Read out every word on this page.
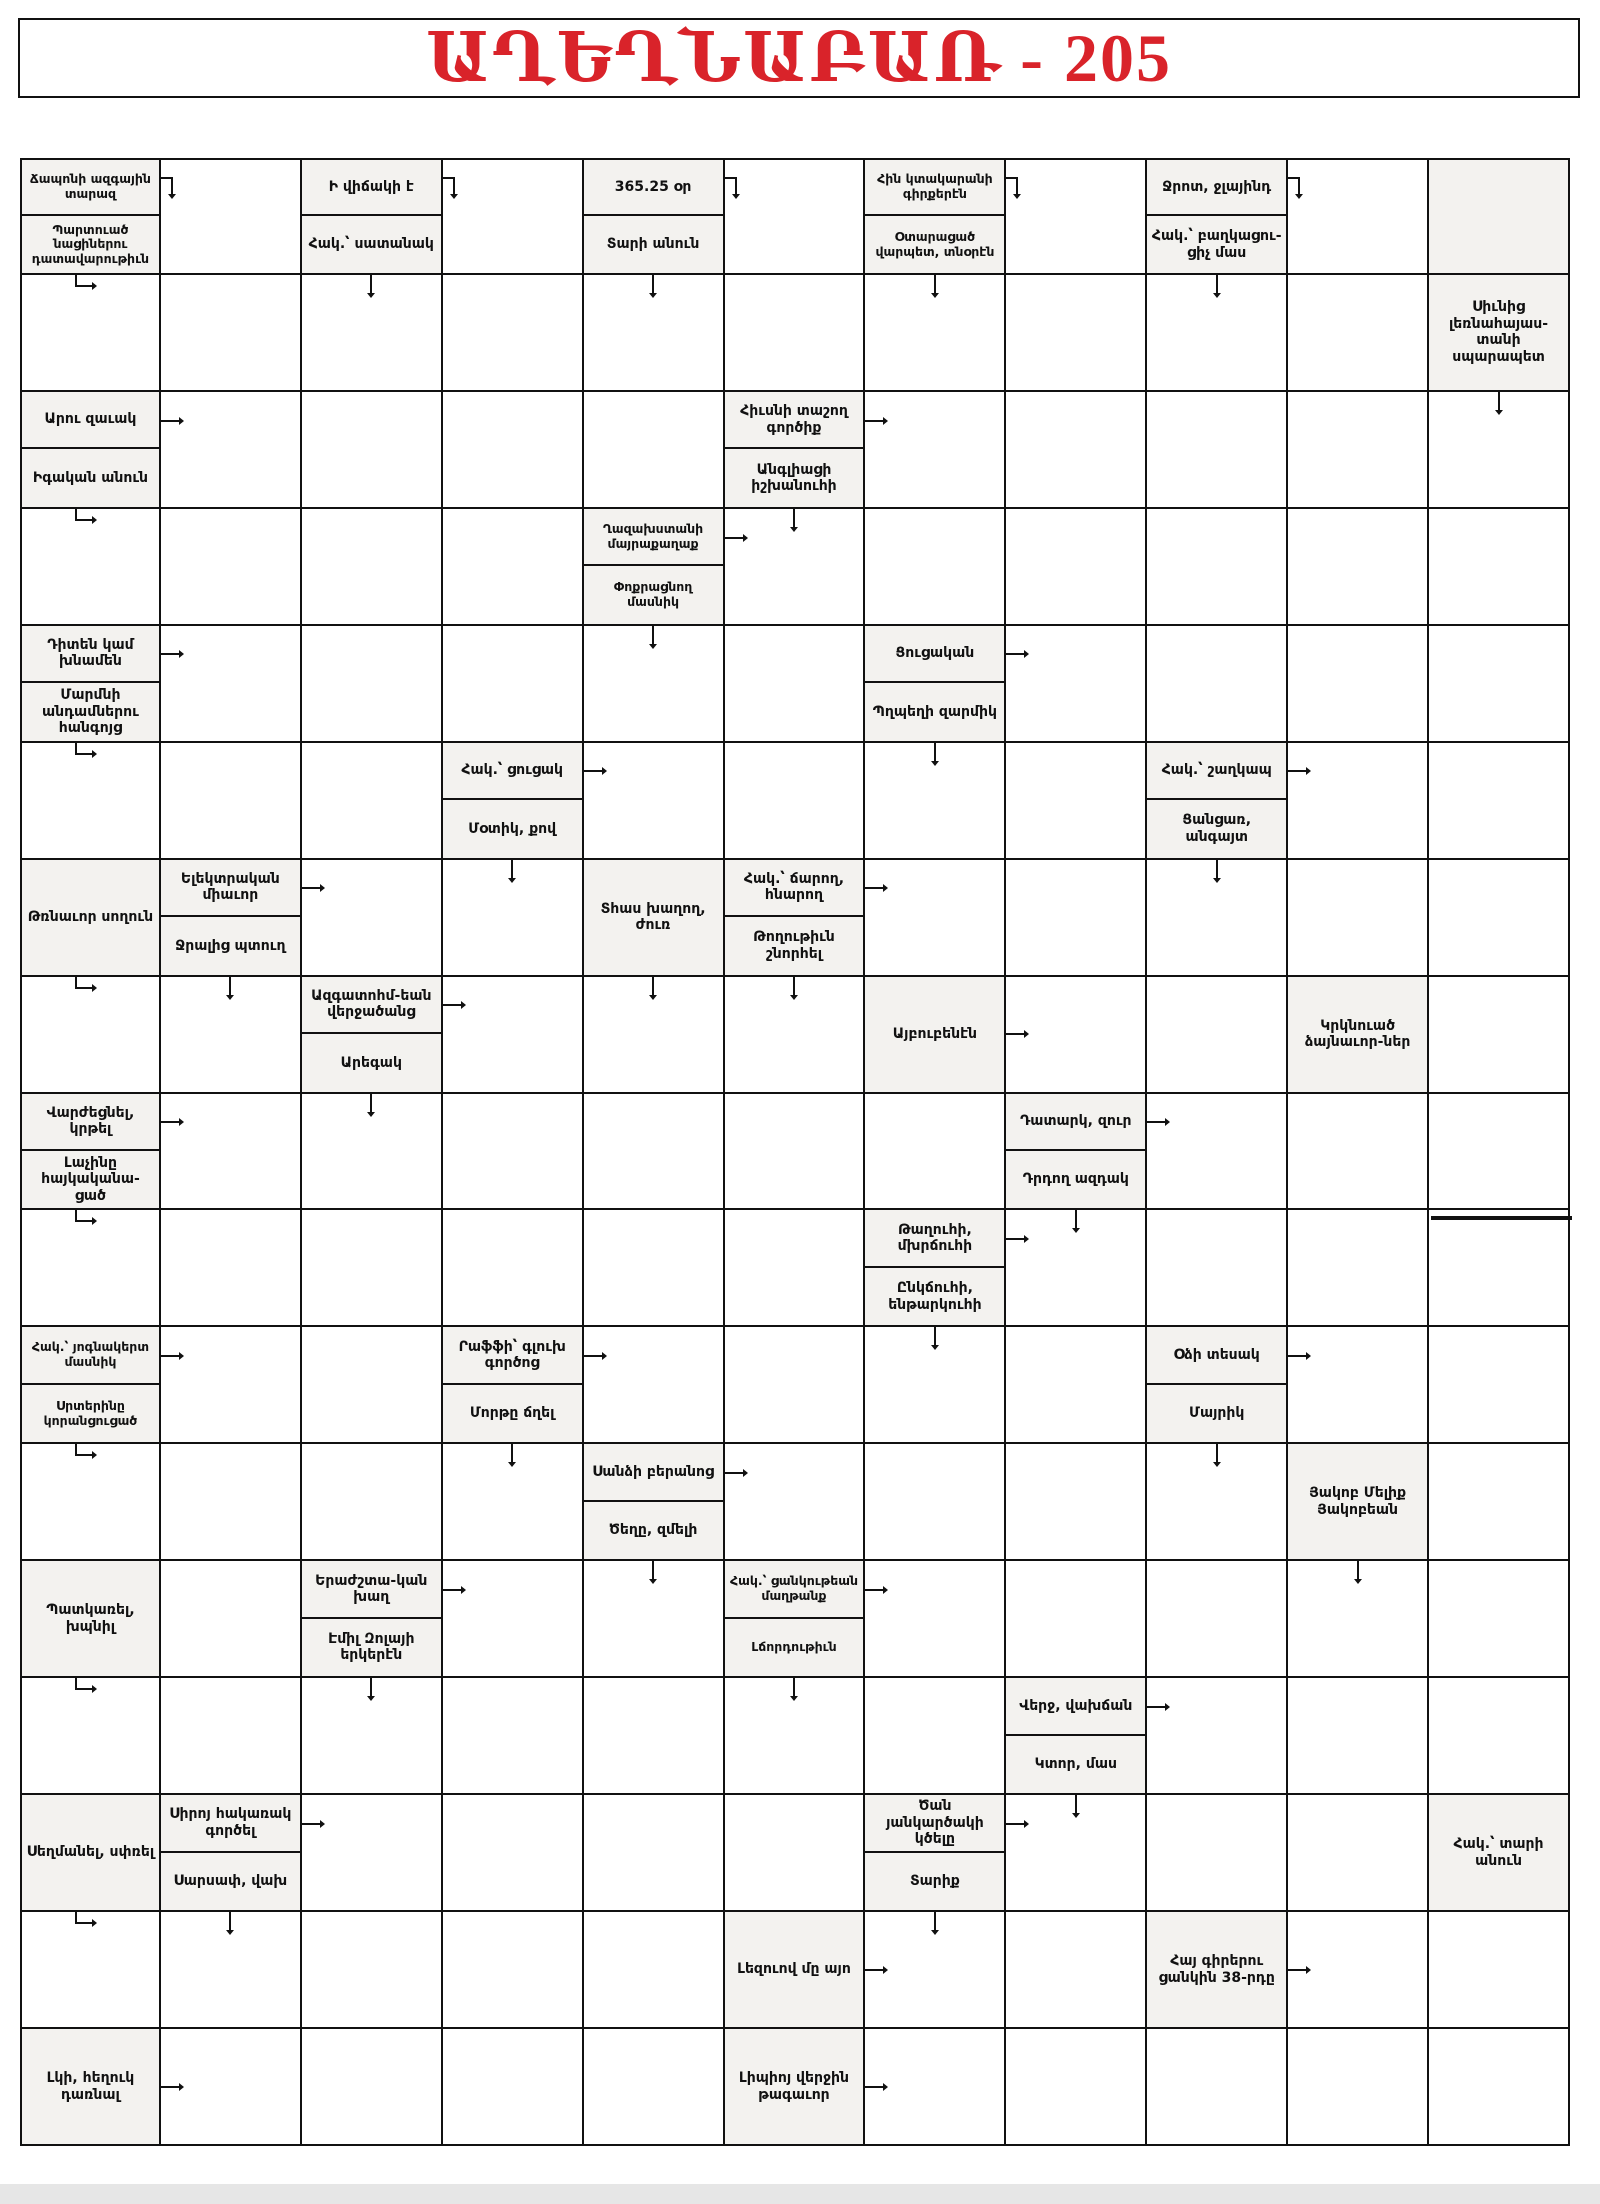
ԱՂԵՂՆԱԲԱՌ - 205
Ճապոնի ազգային տարազ
Պարտուած նացիներու դատավարութիւն
Ի վիճակի է
Հակ.՝ սատանակ
365.25 օր
Տարի անուն
Հին կտակարանի գիրքերէն
Օտարացած վարպետ, տնօրէն
Ջրոտ, ջլայինդ
Հակ.՝ բաղկացու-ցիչ մաս
Սիւնից լեռնահայաս-տանի սպարապետ
Արու զաւակ
Իգական անուն
Հիւսնի տաշող գործիք
Անգլիացի իշխանուհի
Ղազախստանի մայրաքաղաք
Փոքրացնող մասնիկ
Դիտեն կամ խնամեն
Մարմնի անդամներու հանգոյց
Ցուցական
Պղպեղի զարմիկ
Հակ.՝ ցուցակ
Մօտիկ, քով
Հակ.՝ շաղկապ
Ցանցառ, անգայտ
Թռնաւոր սողուն
Ելեկտրական միաւոր
Ջրալից պտուղ
Տհաս խաղող, ժուռ
Հակ.՝ ճարող, հնարող
Թողութիւն շնորհել
Ազգատոհմ-եան վերջածանց
Արեգակ
Այբուբենէն
Կրկնուած ձայնաւոր-ներ
Վարժեցնել, կրթել
Լաչինը հայկականա-ցած
Դատարկ, զուր
Դրդող ազդակ
Թաղուհի, մխրճուհի
Ընկճուհի, ենթարկուհի
Հակ.՝ յոգնակերտ մասնիկ
Սրտերինը կորանցուցած
Րաֆֆի՝ գլուխ գործոց
Մորթը ճղել
Օձի տեսակ
Մայրիկ
Սանձի բերանոց
Ծեղը, զմելի
Յակոբ Մելիք Յակոբեան
Պատկառել, խպնիլ
Երաժշտա-կան խաղ
Էմիլ Զոլայի երկերէն
Հակ.՝ ցանկութեան մաղթանք
Լճորդութիւն
Վերջ, վախճան
Կտոր, մաս
Սեղմանել, սփռել
Սիրոյ հակառակ գործել
Սարսափ, վախ
Ծան յանկարծակի կծելը
Տարիք
Հակ.՝ տարի անուն
Լեզուով մը այո
Հայ գիրերու ցանկին 38-րդը
Լկի, հեղուկ դառնալ
Լիպիոյ վերջին թագաւոր
